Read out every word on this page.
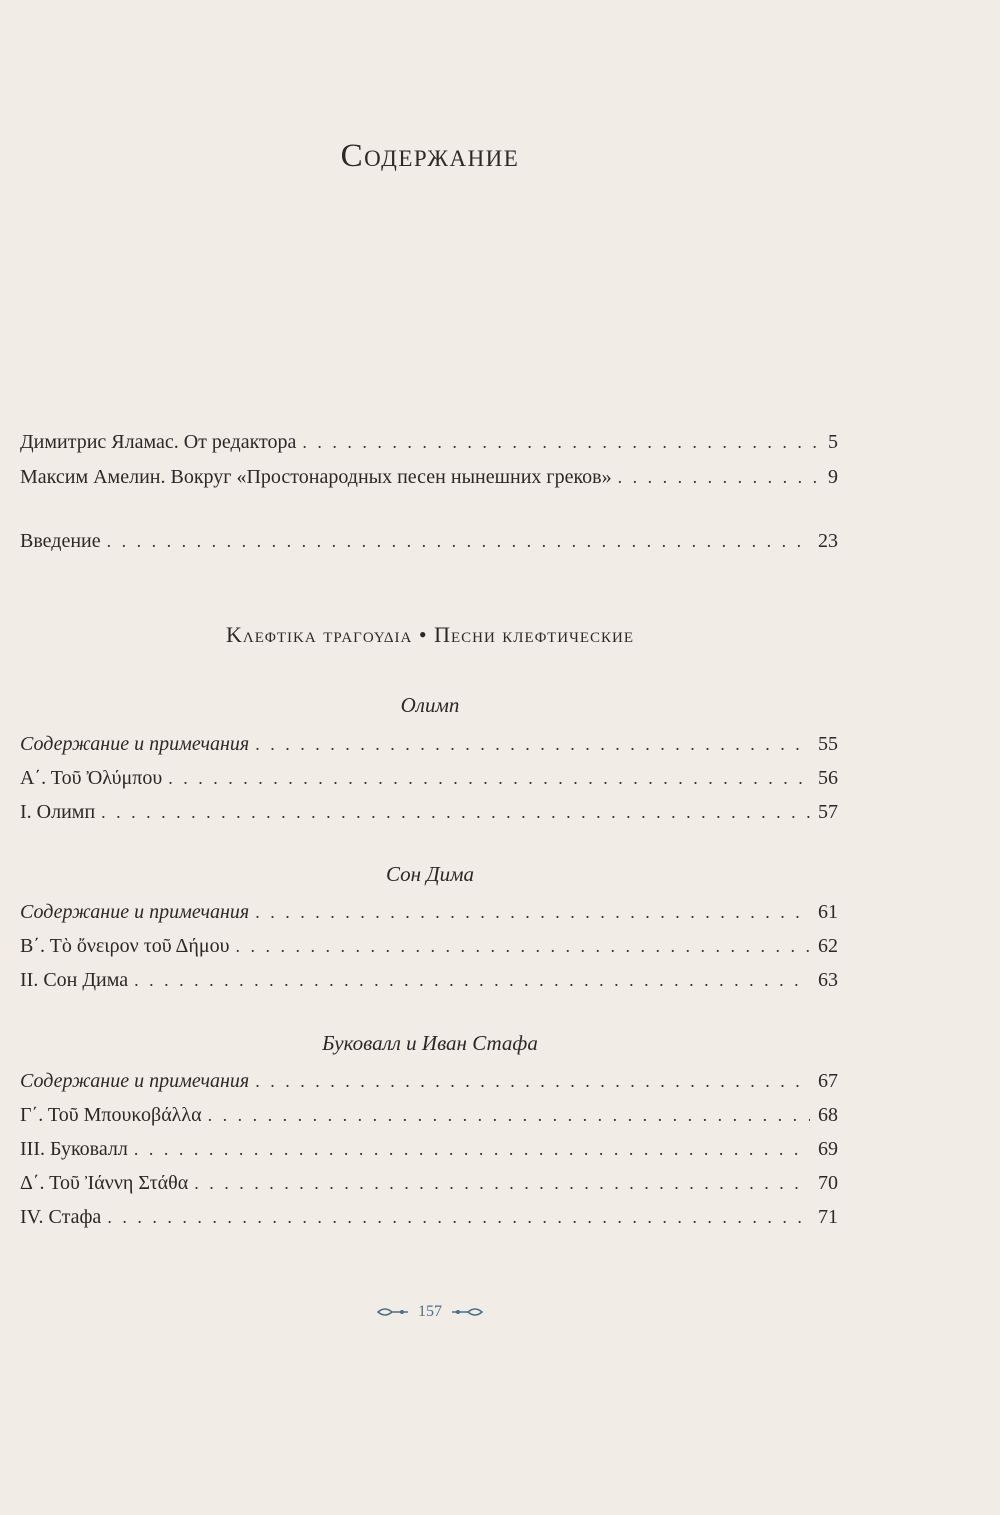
Содержание
Димитрис Яламас. От редактора . . .	5
Максим Амелин. Вокруг «Простонародных песен нынешних греков» . . .	9
Введение . . .	23
Κλεφτικα τραγουδια • Песни клефтические
Олимп
Содержание и примечания . . .	55
Α΄. Τοῦ Ὀλύμπου . . .	56
I. Олимп . . .	57
Сон Дима
Содержание и примечания . . .	61
Β΄. Τὸ ὄνειρον τοῦ Δήμου . . .	62
II. Сон Дима . . .	63
Буковалл и Иван Стафа
Содержание и примечания . . .	67
Γ΄. Τοῦ Μπουκοβάλλα . . .	68
III. Буковалл . . .	69
Δ΄. Τοῦ Ἰάννη Στάθα . . .	70
IV. Стафа . . .	71
157
